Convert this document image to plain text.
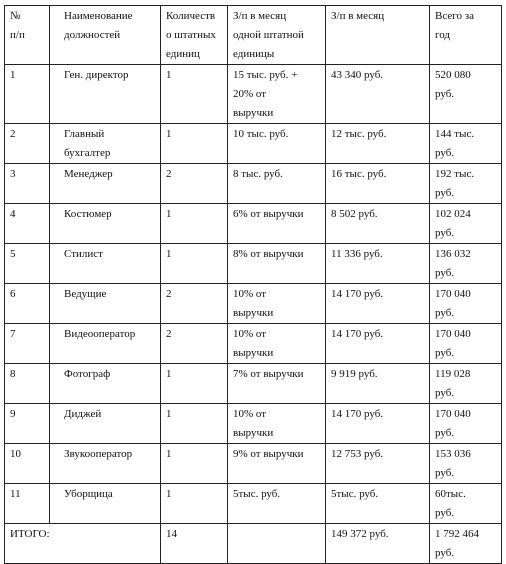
№
п/п	Наименование
должностей	Количеств
о штатных
единиц	З/п в месяц
одной штатной
единицы	З/п в месяц	Всего за
год
1	Ген. директор	1	15 тыс. руб. +
20% от
выручки	43 340 руб.	520 080
руб.
2	Главный
бухгалтер	1	10 тыс. руб.	12 тыс. руб.	144 тыс.
руб.
3	Менеджер	2	8 тыс. руб.	16 тыс. руб.	192 тыс.
руб.
4	Костюмер	1	6% от выручки	8 502 руб.	102 024
руб.
5	Стилист	1	8% от выручки	11 336 руб.	136 032
руб.
6	Ведущие	2	10% от
выручки	14 170 руб.	170 040
руб.
7	Видеооператор	2	10% от
выручки	14 170 руб.	170 040
руб.
8	Фотограф	1	7% от выручки	9 919 руб.	119 028
руб.
9	Диджей	1	10% от
выручки	14 170 руб.	170 040
руб.
10	Звукооператор	1	9% от выручки	12 753 руб.	153 036
руб.
11	Уборщица	1	5тыс. руб.	5тыс. руб.	60тыс.
руб.
ИТОГО:		14		149 372 руб.	1 792 464
руб.
